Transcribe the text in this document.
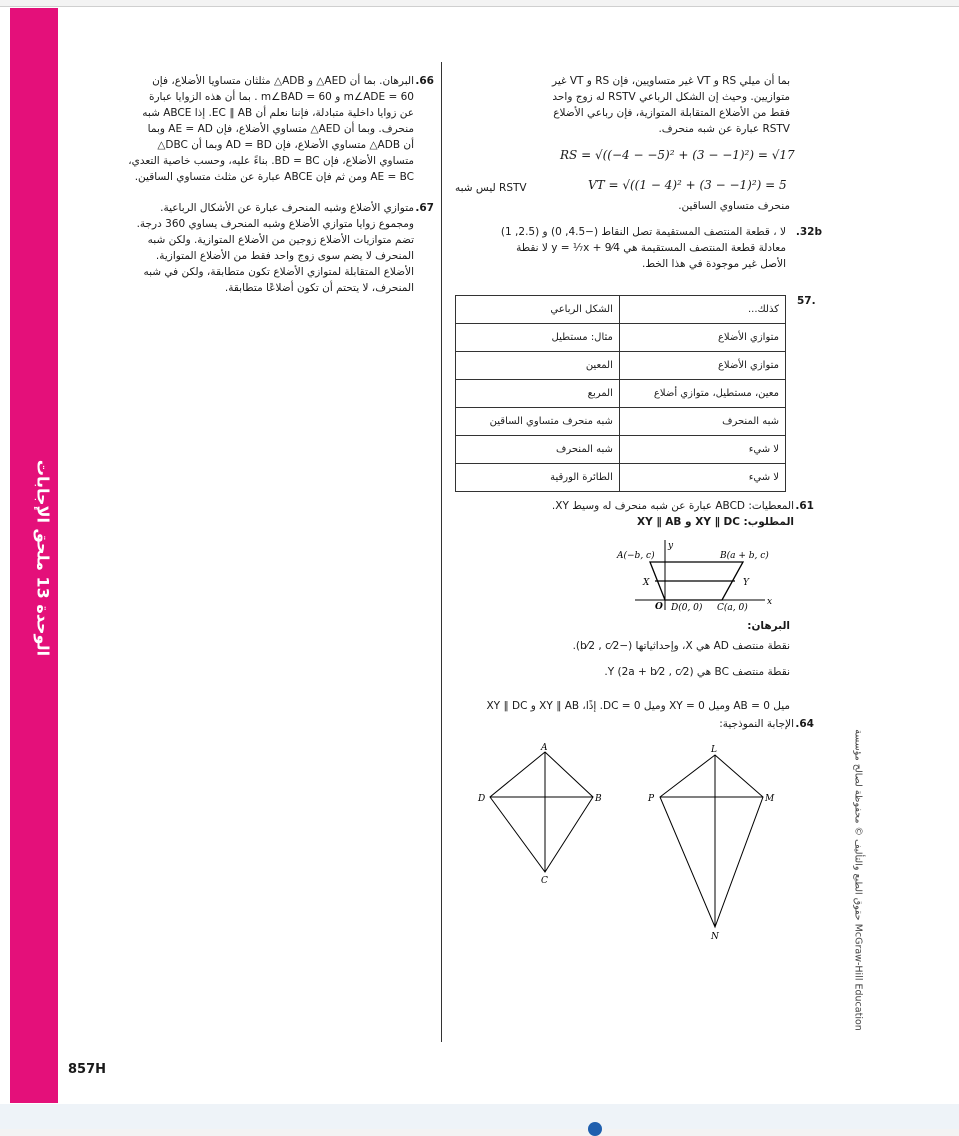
الوحدة 13 ملحق الإجابات
66.
البرهان. بما أن AED△ و ADB△ مثلثان متساويا الأضلاع، فإن
m∠ADE = 60 و m∠BAD = 60 . بما أن هذه الزوايا عبارة
عن زوايا داخلية متبادلة، فإننا نعلم أن EC ∥ AB. إذا ABCE شبه
منحرف. وبما أن AED△ متساوي الأضلاع، فإن AE = AD وبما
أن ADB△ متساوي الأضلاع، فإن AD = BD وبما أن DBC△
متساوي الأضلاع، فإن BD = BC. بناءً عليه، وحسب خاصية التعدي،
AE = BC ومن ثم فإن ABCE عبارة عن مثلث متساوي الساقين.
67.
متوازي الأضلاع وشبه المنحرف عبارة عن الأشكال الرباعية.
ومجموع زوايا متوازي الأضلاع وشبه المنحرف يساوي 360 درجة.
تضم متوازيات الأضلاع زوجين من الأضلاع المتوازية. ولكن شبه
المنحرف لا يضم سوى زوج واحد فقط من الأضلاع المتوازية.
الأضلاع المتقابلة لمتوازي الأضلاع تكون متطابقة، ولكن في شبه
المنحرف، لا يتحتم أن تكون أضلاعًا متطابقة.
بما أن ميلي RS و VT غير متساويين، فإن RS و VT غير
متوازيين. وحيث إن الشكل الرباعي RSTV له زوج واحد
فقط من الأضلاع المتقابلة المتوازية، فإن رباعي الأضلاع
RSTV عبارة عن شبه منحرف.
RS = √((−4 − −5)² + (3 − −1)²) = √17
VT = √((1 − 4)² + (3 − −1)²) = 5
RSTV ليس شبه
منحرف متساوي الساقين.
32b.
لا ، قطعة المنتصف المستقيمة تصل النقاط (−4.5, 0) و (2.5, 1)
معادلة قطعة المنتصف المستقيمة هي y = ⅐x + 9⁄4 لا نقطة
الأصل غير موجودة في هذا الخط.
57.
الشكل الرباعي	كذلك...
مثال: مستطيل	متوازي الأضلاع
المعين	متوازي الأضلاع
المربع	معين، مستطيل، متوازي أضلاع
شبه منحرف متساوي الساقين	شبه المنحرف
شبه المنحرف	لا شيء
الطائرة الورقية	لا شيء
61.
المعطيات: ABCD عبارة عن شبه منحرف له وسيط XY.
المطلوب: XY ∥ DC و XY ∥ AB
A(−b, c)	B(a + b, c)
D(0, 0) C(a, 0)
O
X	Y
x
y
البرهان:
نقطة منتصف AD هي X، وإحداثياتها (−b⁄2 , c⁄2).
نقطة منتصف BC هي Y (2a + b⁄2 , c⁄2).
ميل AB = 0 وميل XY = 0 وميل DC = 0. إذًا، XY ∥ AB و XY ∥ DC
64.
الإجابة النموذجية:
A
B
C
D
L
M
N
P	حقوق الطبع والتأليف © محفوظة لصالح مؤسسة McGraw-Hill Education
857H
